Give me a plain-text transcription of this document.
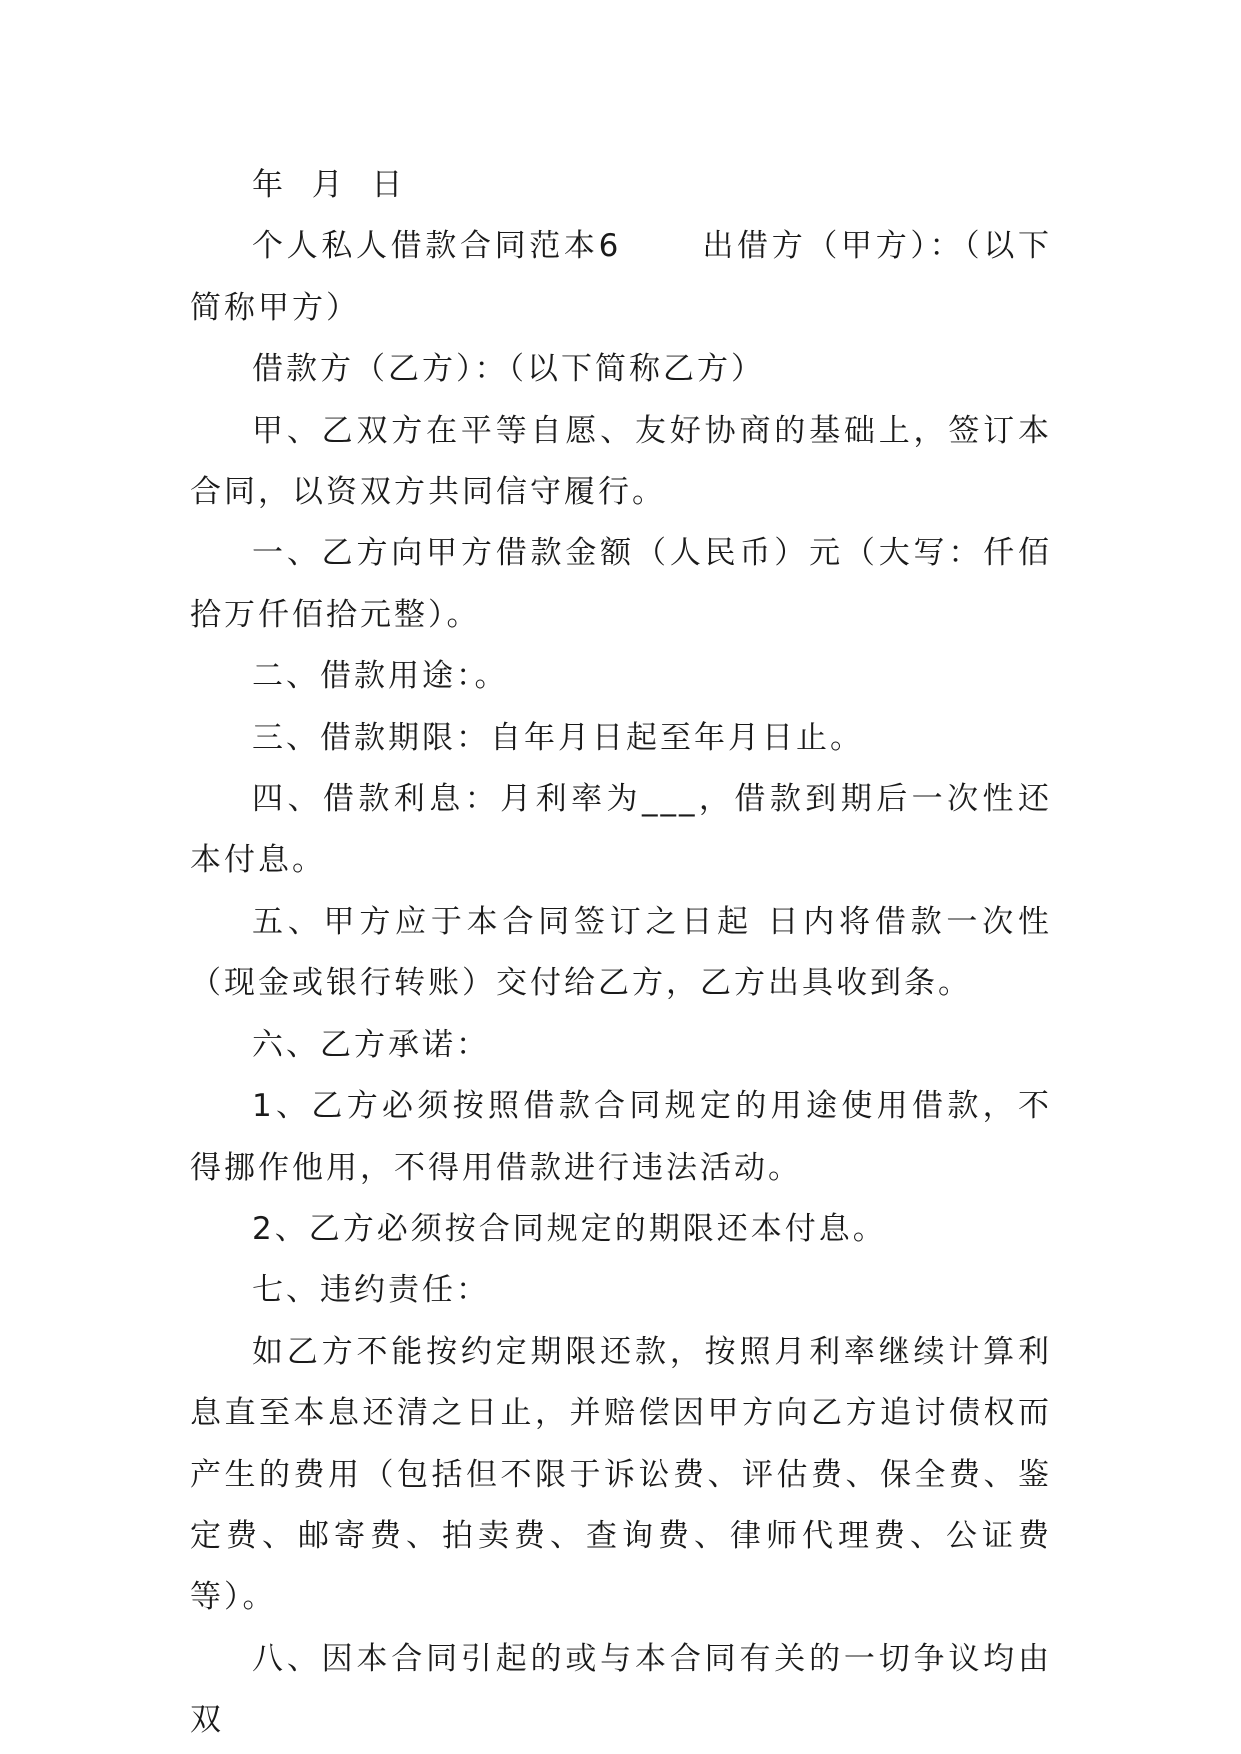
年  月  日

个人私人借款合同范本6      出借方（甲方）：（以下简称甲方）

借款方（乙方）：（以下简称乙方）

甲、乙双方在平等自愿、友好协商的基础上，签订本合同，以资双方共同信守履行。

一、乙方向甲方借款金额（人民币）元（大写：仟佰拾万仟佰拾元整）。

二、借款用途：。

三、借款期限：自年月日起至年月日止。

四、借款利息：月利率为___，借款到期后一次性还本付息。

五、甲方应于本合同签订之日起 日内将借款一次性（现金或银行转账）交付给乙方，乙方出具收到条。

六、乙方承诺：

1、乙方必须按照借款合同规定的用途使用借款，不得挪作他用，不得用借款进行违法活动。

2、乙方必须按合同规定的期限还本付息。

七、违约责任：

如乙方不能按约定期限还款，按照月利率继续计算利息直至本息还清之日止，并赔偿因甲方向乙方追讨债权而产生的费用（包括但不限于诉讼费、评估费、保全费、鉴定费、邮寄费、拍卖费、查询费、律师代理费、公证费等）。

八、因本合同引起的或与本合同有关的一切争议均由双
